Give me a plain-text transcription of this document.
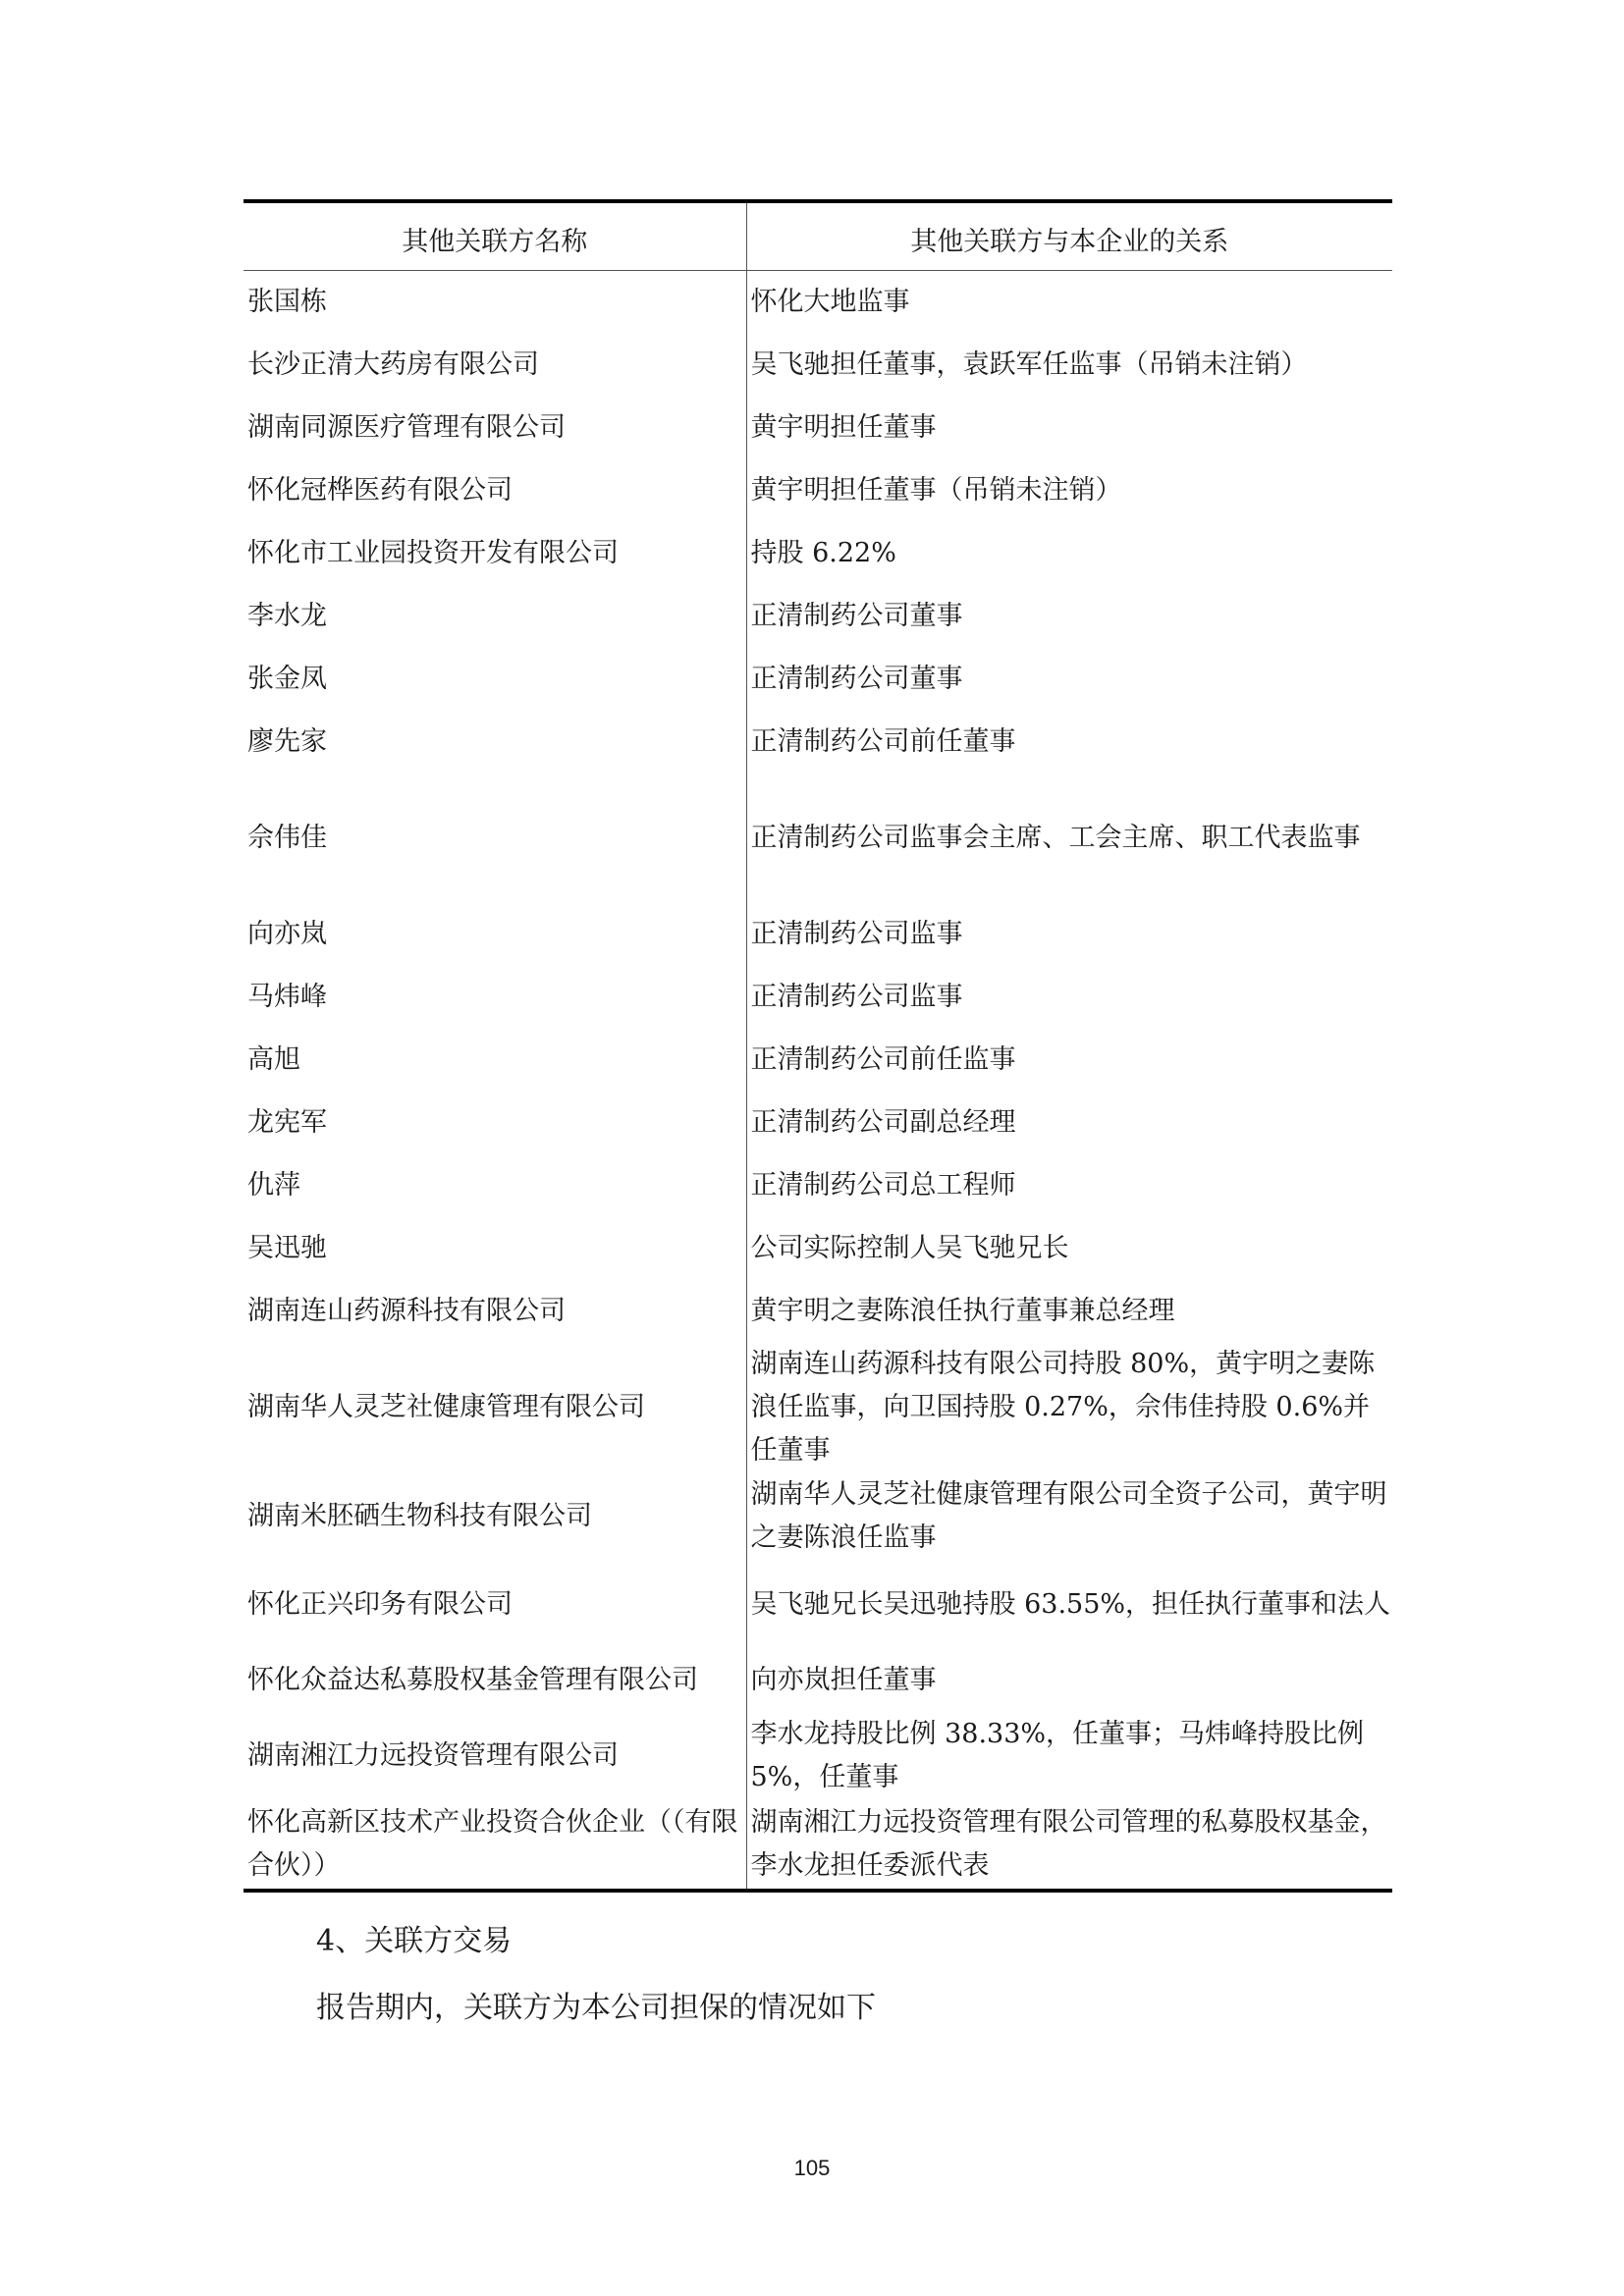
其他关联方名称	其他关联方与本企业的关系
张国栋	怀化大地监事
长沙正清大药房有限公司	吴飞驰担任董事，袁跃军任监事（吊销未注销）
湖南同源医疗管理有限公司	黄宇明担任董事
怀化冠桦医药有限公司	黄宇明担任董事（吊销未注销）
怀化市工业园投资开发有限公司	持股 6.22%
李水龙	正清制药公司董事
张金凤	正清制药公司董事
廖先家	正清制药公司前任董事
佘伟佳	正清制药公司监事会主席、工会主席、职工代表监事
向亦岚	正清制药公司监事
马炜峰	正清制药公司监事
高旭	正清制药公司前任监事
龙宪军	正清制药公司副总经理
仇萍	正清制药公司总工程师
吴迅驰	公司实际控制人吴飞驰兄长
湖南连山药源科技有限公司	黄宇明之妻陈浪任执行董事兼总经理
湖南华人灵芝社健康管理有限公司	湖南连山药源科技有限公司持股 80%，黄宇明之妻陈浪任监事，向卫国持股 0.27%，佘伟佳持股 0.6%并任董事
湖南米胚硒生物科技有限公司	湖南华人灵芝社健康管理有限公司全资子公司，黄宇明之妻陈浪任监事
怀化正兴印务有限公司	吴飞驰兄长吴迅驰持股 63.55%，担任执行董事和法人
怀化众益达私募股权基金管理有限公司	向亦岚担任董事
湖南湘江力远投资管理有限公司	李水龙持股比例 38.33%，任董事；马炜峰持股比例 5%，任董事
怀化高新区技术产业投资合伙企业（（有限合伙））	湖南湘江力远投资管理有限公司管理的私募股权基金，李水龙担任委派代表
4、关联方交易
报告期内，关联方为本公司担保的情况如下
105
